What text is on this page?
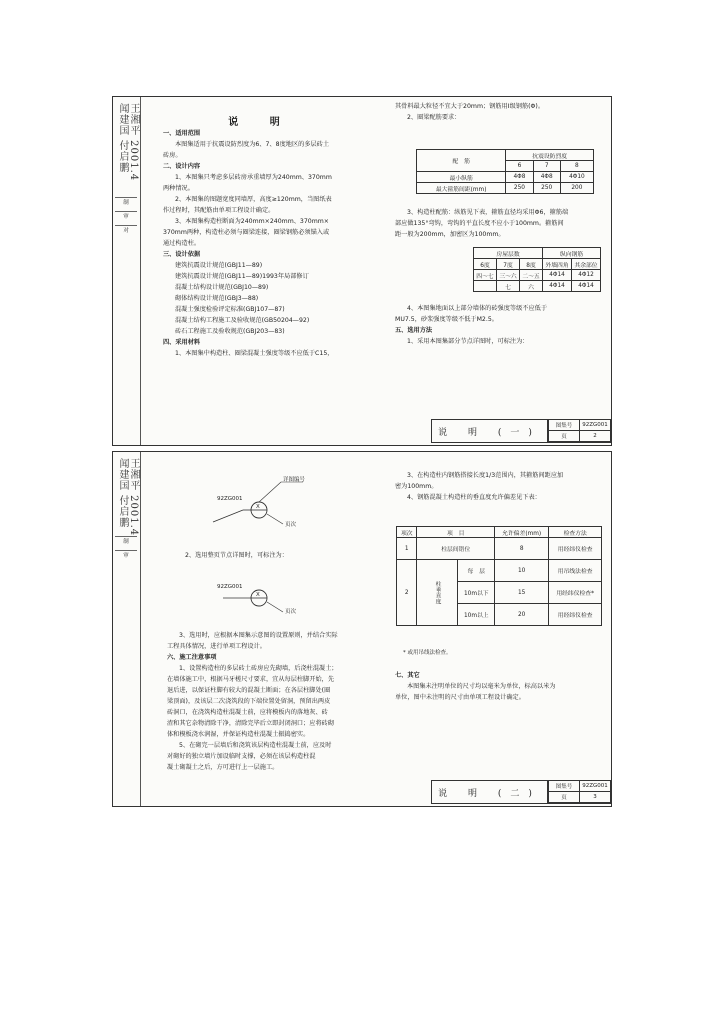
闻建国 付启鹏 王湘平 2001.4
制
审
对

说 明

一、适用范围

本图集适用于抗震设防烈度为6、7、8度地区的多层砖土

砖房。

二、设计内容

1、本图集只考虑多层砖房承重墙厚为240mm、370mm

两种情况。

2、本图集的图题宽度同墙厚，高度≥120mm，当图纸表

作过程时，其配筋由单项工程设计确定。

3、本图集构造柱断面为240mm×240mm、370mm×

370mm两种，构造柱必须与圈梁连接，圈梁钢筋必须锚入或

通过构造柱。

三、设计依据

建筑抗震设计规范(GBJ11—89)

建筑抗震设计规范(GBJ11—89)1993年局部修订

混凝土结构设计规范(GBJ10—89)

砌体结构设计规范(GBJ3—88)

混凝土强度检验评定标准(GBJ107—87)

混凝土结构工程施工及验收规范(GB50204—92)

砖石工程施工及验收规范(GBJ203—83)

四、采用材料

1、本图集中构造柱、圈梁混凝土强度等级不应低于C15，

其骨料最大粒径不宜大于20mm；钢筋用Ⅰ级钢筋(Φ)。

2、圈梁配筋要求：

配　筋	抗震设防烈度		
	6	7	8
最小纵筋	4Φ8	4Φ8	4Φ10
最大箍筋间距(mm)	250	250	200

3、构造柱配筋：纵筋见下表，箍筋直径均采用Φ6，箍筋端

部应做135°弯钩，弯钩的平直长度不应小于100mm。箍筋间

距一般为200mm，加密区为100mm。

房屋层数			纵向钢筋	
6度	7度	8度	外墙四角	其余部位
四～七	三～六	二～五	4Φ14	4Φ12
	七	六	4Φ14	4Φ14

4、本图集地面以上部分墙体的砖强度等级不应低于

MU7.5，砂浆强度等级不低于M2.5。

五、选用方法

1、采用本图集部分节点详图时，可标注为：

说 明 (一)
图集号	92ZG001
页	2
闻建国 付启鹏 王湘平 2001.4
制
审
详图编号
92ZG001
X
页次

2、选用整页节点详图时，可标注为：

92ZG001
X
页次

3、选用时，应根据本图集示意图的设置原则，并结合实际

工程具体情况，进行单项工程设计。

六、施工注意事项

1、设置构造柱的多层砖土砖房应先砌墙，后浇柱混凝土；

在墙体施工中，根据马牙槎尺寸要求，宜从每层柱脚开始，先

退后进，以保证柱脚有较大的混凝土断面；在各层柱脚处(圈

梁顶面)，及该层二次浇筑段的下端位置处留洞，预留出两皮

砖洞口，在浇筑构造柱混凝土前，应将模板内的落地灰、砖

渣和其它杂物清除干净，清除完毕后立即封闭洞口；应将砖砌

体和模板浇水润湿，并保证构造柱混凝土振捣密实。

5、在砌完一层墙后和浇筑该层构造柱混凝土前，应及时

对砌好的独立墙片加设临时支撑，必须在该层构造柱混

凝土砌凝土之后，方可进行上一层施工。

3、在构造柱内钢筋搭接长度1/3范围内，其箍筋间距应加

密为100mm。

4、钢筋混凝土构造柱的垂直度允许偏差见下表：

项次	项　目		允许偏差(mm)	检查方法
1	柱层间错位		8	用经纬仪检查
2	柱垂直度	每　层	10	用吊线法检查
		10m以下	15	用经纬仪检查*
		10m以上	20	用经纬仪检查
* 或用吊线法检查。

七、其它

本图集未注明单位的尺寸均以毫米为单位，标高以米为

单位，图中未注明的尺寸由单项工程设计确定。

说 明 (二)
图集号	92ZG001
页	3
